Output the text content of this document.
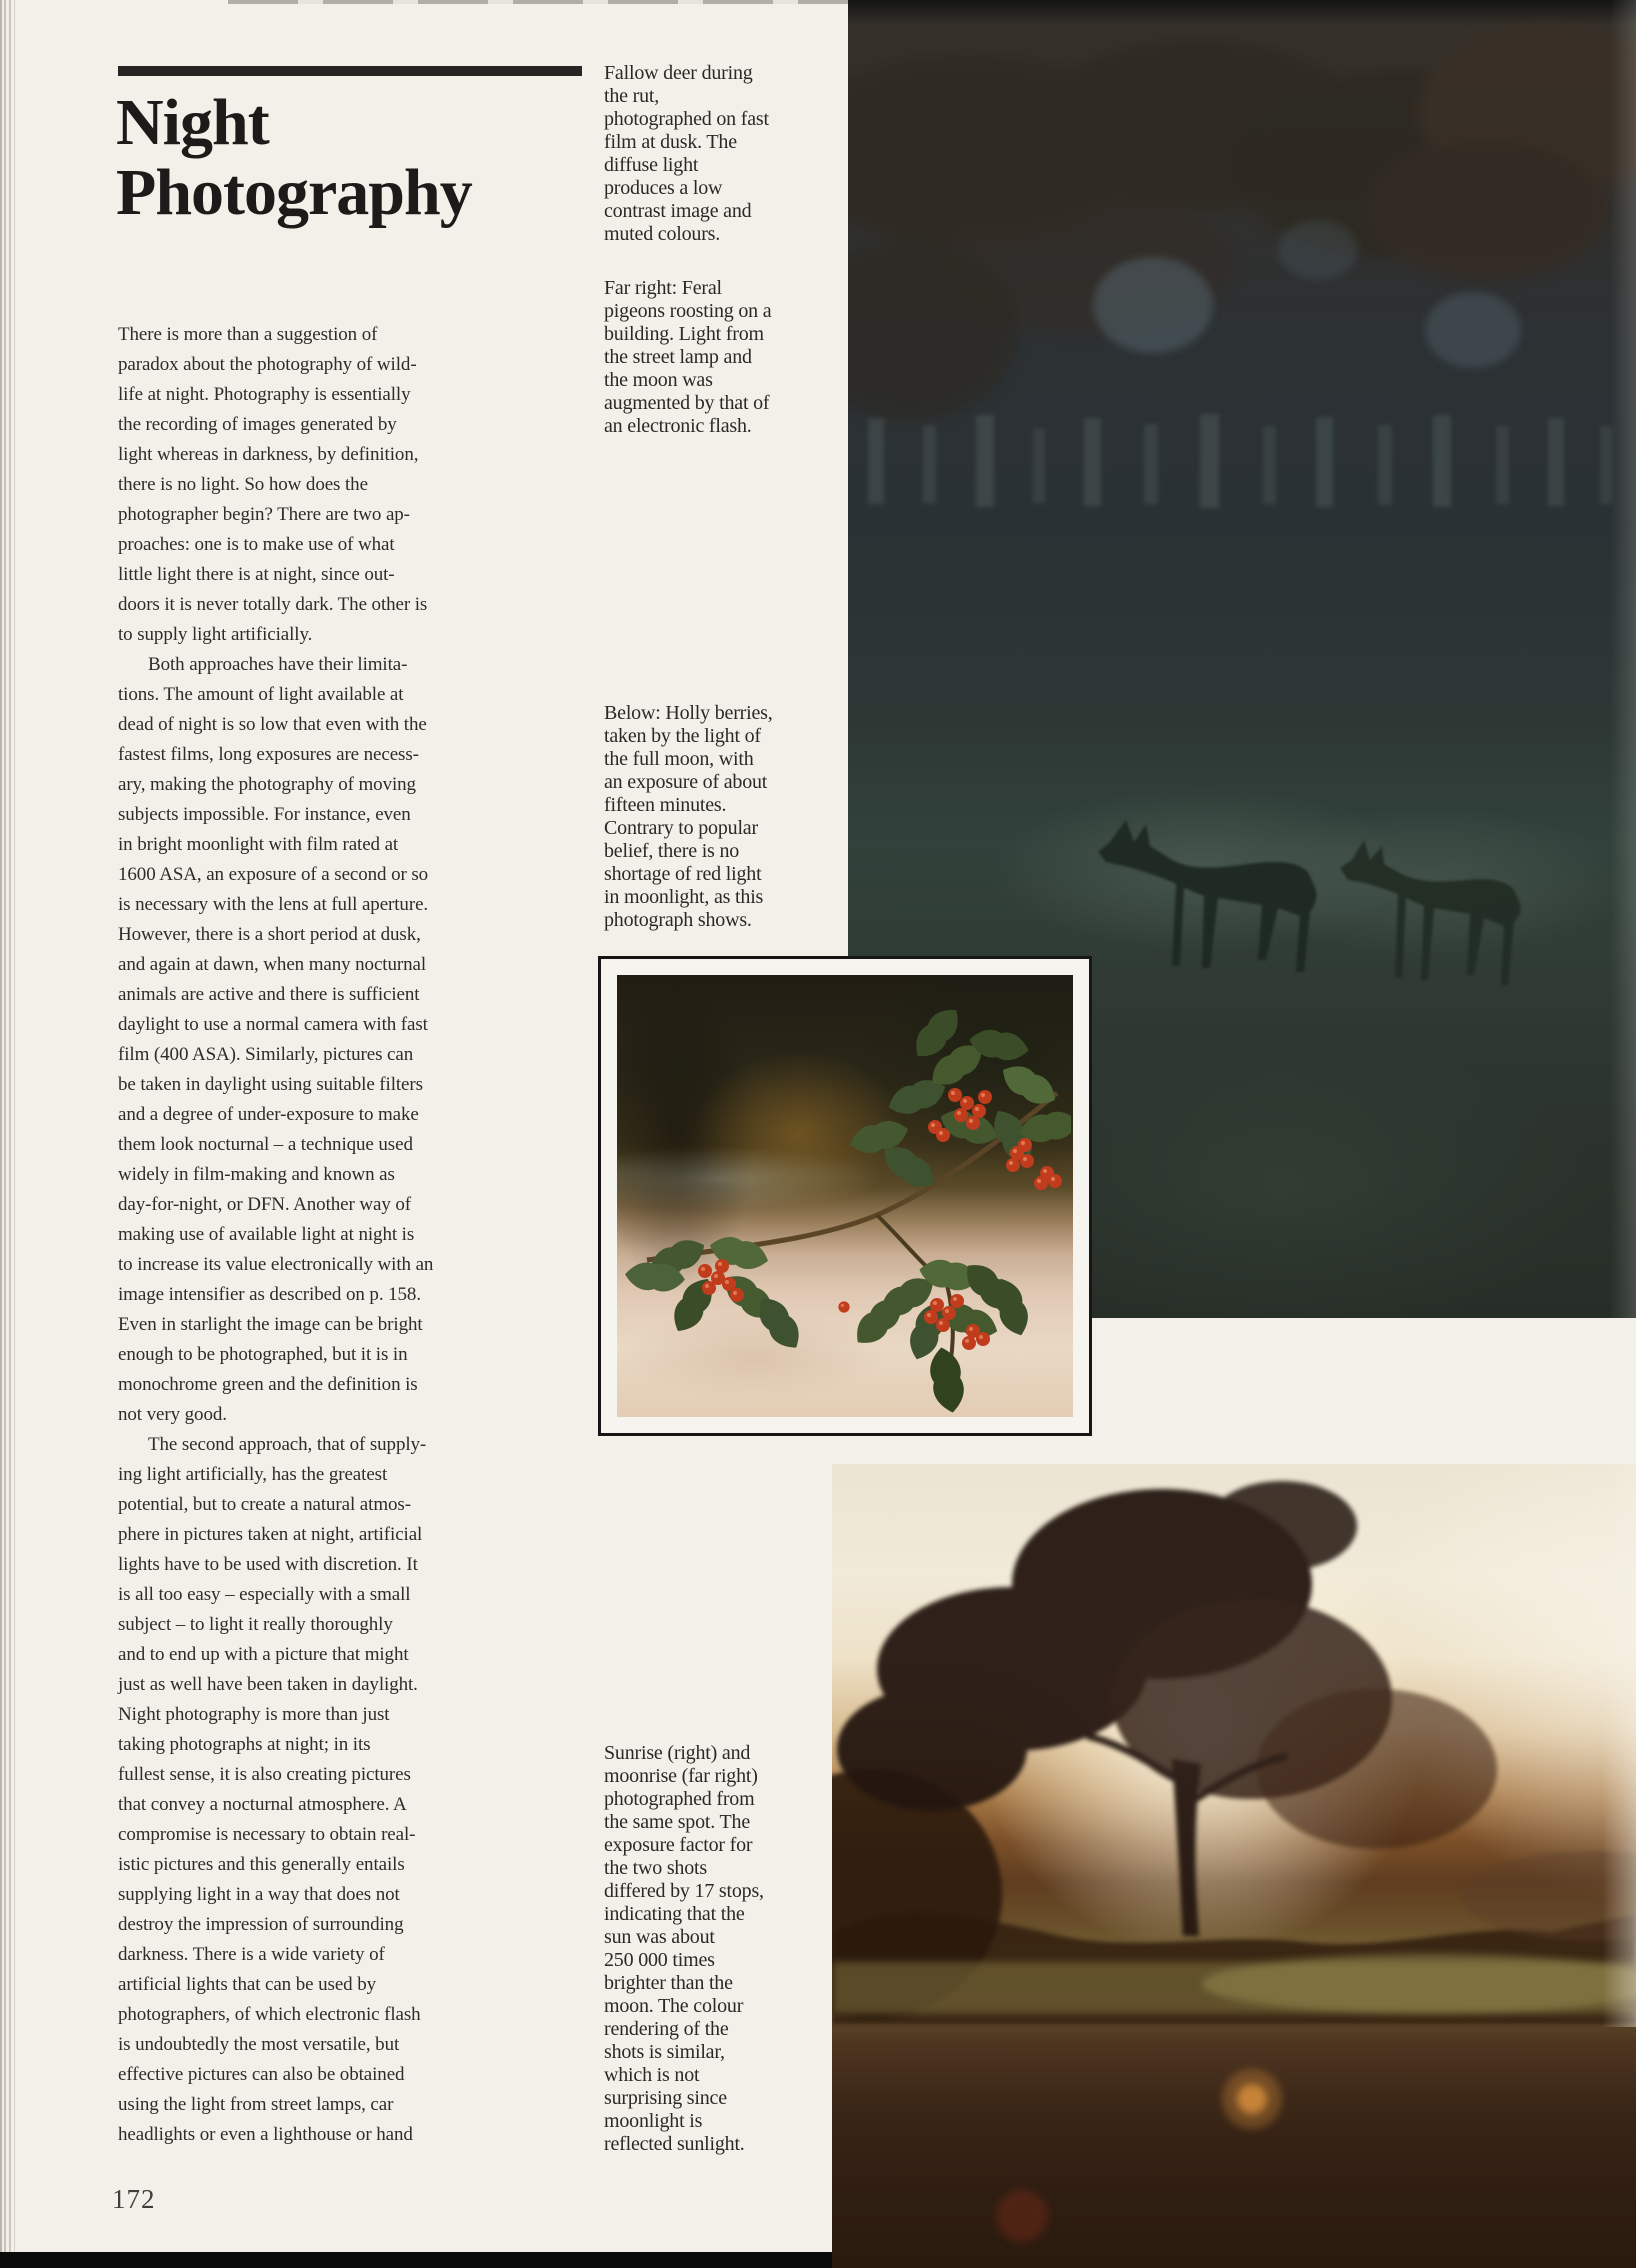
Night
Photography
There is more than a suggestion of
paradox about the photography of wild-
life at night. Photography is essentially
the recording of images generated by
light whereas in darkness, by definition,
there is no light. So how does the
photographer begin? There are two ap-
proaches: one is to make use of what
little light there is at night, since out-
doors it is never totally dark. The other is
to supply light artificially.
Both approaches have their limita-
tions. The amount of light available at
dead of night is so low that even with the
fastest films, long exposures are necess-
ary, making the photography of moving
subjects impossible. For instance, even
in bright moonlight with film rated at
1600 ASA, an exposure of a second or so
is necessary with the lens at full aperture.
However, there is a short period at dusk,
and again at dawn, when many nocturnal
animals are active and there is sufficient
daylight to use a normal camera with fast
film (400 ASA). Similarly, pictures can
be taken in daylight using suitable filters
and a degree of under-exposure to make
them look nocturnal – a technique used
widely in film-making and known as
day-for-night, or DFN. Another way of
making use of available light at night is
to increase its value electronically with an
image intensifier as described on p. 158.
Even in starlight the image can be bright
enough to be photographed, but it is in
monochrome green and the definition is
not very good.
The second approach, that of supply-
ing light artificially, has the greatest
potential, but to create a natural atmos-
phere in pictures taken at night, artificial
lights have to be used with discretion. It
is all too easy – especially with a small
subject – to light it really thoroughly
and to end up with a picture that might
just as well have been taken in daylight.
Night photography is more than just
taking photographs at night; in its
fullest sense, it is also creating pictures
that convey a nocturnal atmosphere. A
compromise is necessary to obtain real-
istic pictures and this generally entails
supplying light in a way that does not
destroy the impression of surrounding
darkness. There is a wide variety of
artificial lights that can be used by
photographers, of which electronic flash
is undoubtedly the most versatile, but
effective pictures can also be obtained
using the light from street lamps, car
headlights or even a lighthouse or hand
Fallow deer during
the rut,
photographed on fast
film at dusk. The
diffuse light
produces a low
contrast image and
muted colours.
Far right: Feral
pigeons roosting on a
building. Light from
the street lamp and
the moon was
augmented by that of
an electronic flash.
Below: Holly berries,
taken by the light of
the full moon, with
an exposure of about
fifteen minutes.
Contrary to popular
belief, there is no
shortage of red light
in moonlight, as this
photograph shows.
Sunrise (right) and
moonrise (far right)
photographed from
the same spot. The
exposure factor for
the two shots
differed by 17 stops,
indicating that the
sun was about
250 000 times
brighter than the
moon. The colour
rendering of the
shots is similar,
which is not
surprising since
moonlight is
reflected sunlight.
172
